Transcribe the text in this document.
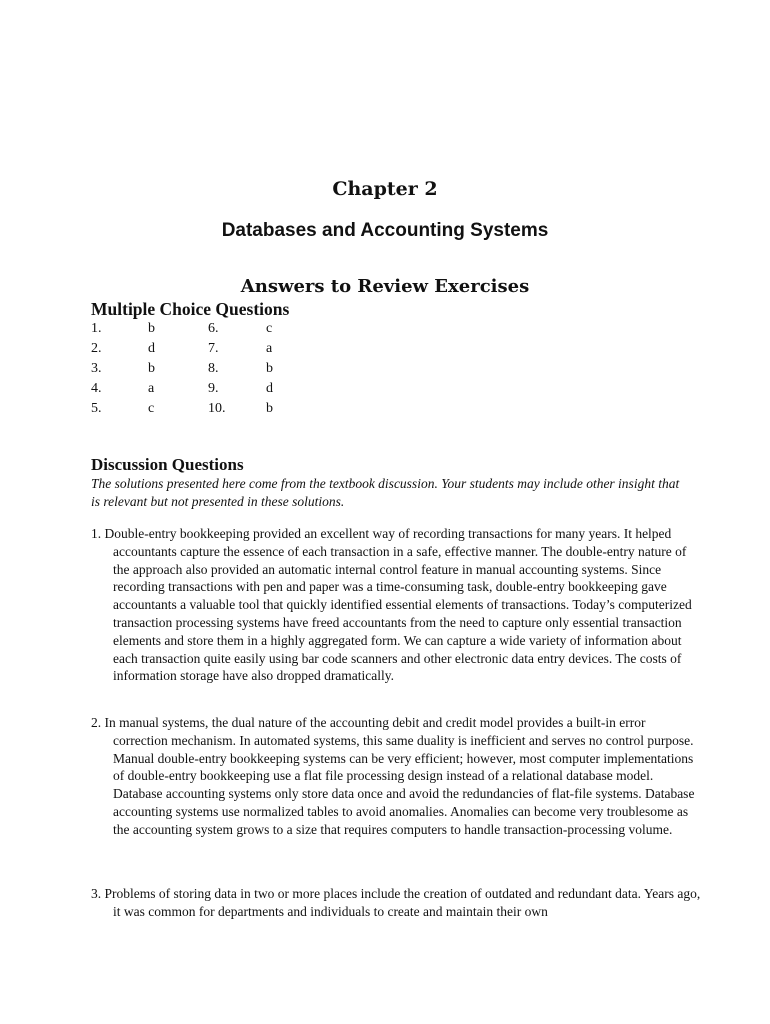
Chapter 2
Databases and Accounting Systems
Answers to Review Exercises
Multiple Choice Questions
1.	b	6.	c
2.	d	7.	a
3.	b	8.	b
4.	a	9.	d
5.	c	10.	b
Discussion Questions
The solutions presented here come from the textbook discussion. Your students may include other insight that is relevant but not presented in these solutions.
1. Double-entry bookkeeping provided an excellent way of recording transactions for many years. It helped accountants capture the essence of each transaction in a safe, effective manner. The double-entry nature of the approach also provided an automatic internal control feature in manual accounting systems. Since recording transactions with pen and paper was a time-consuming task, double-entry bookkeeping gave accountants a valuable tool that quickly identified essential elements of transactions. Today’s computerized transaction processing systems have freed accountants from the need to capture only essential transaction elements and store them in a highly aggregated form. We can capture a wide variety of information about each transaction quite easily using bar code scanners and other electronic data entry devices. The costs of information storage have also dropped dramatically.
2. In manual systems, the dual nature of the accounting debit and credit model provides a built-in error correction mechanism. In automated systems, this same duality is inefficient and serves no control purpose. Manual double-entry bookkeeping systems can be very efficient; however, most computer implementations of double-entry bookkeeping use a flat file processing design instead of a relational database model. Database accounting systems only store data once and avoid the redundancies of flat-file systems. Database accounting systems use normalized tables to avoid anomalies. Anomalies can become very troublesome as the accounting system grows to a size that requires computers to handle transaction-processing volume.
3. Problems of storing data in two or more places include the creation of outdated and redundant data. Years ago, it was common for departments and individuals to create and maintain their own
